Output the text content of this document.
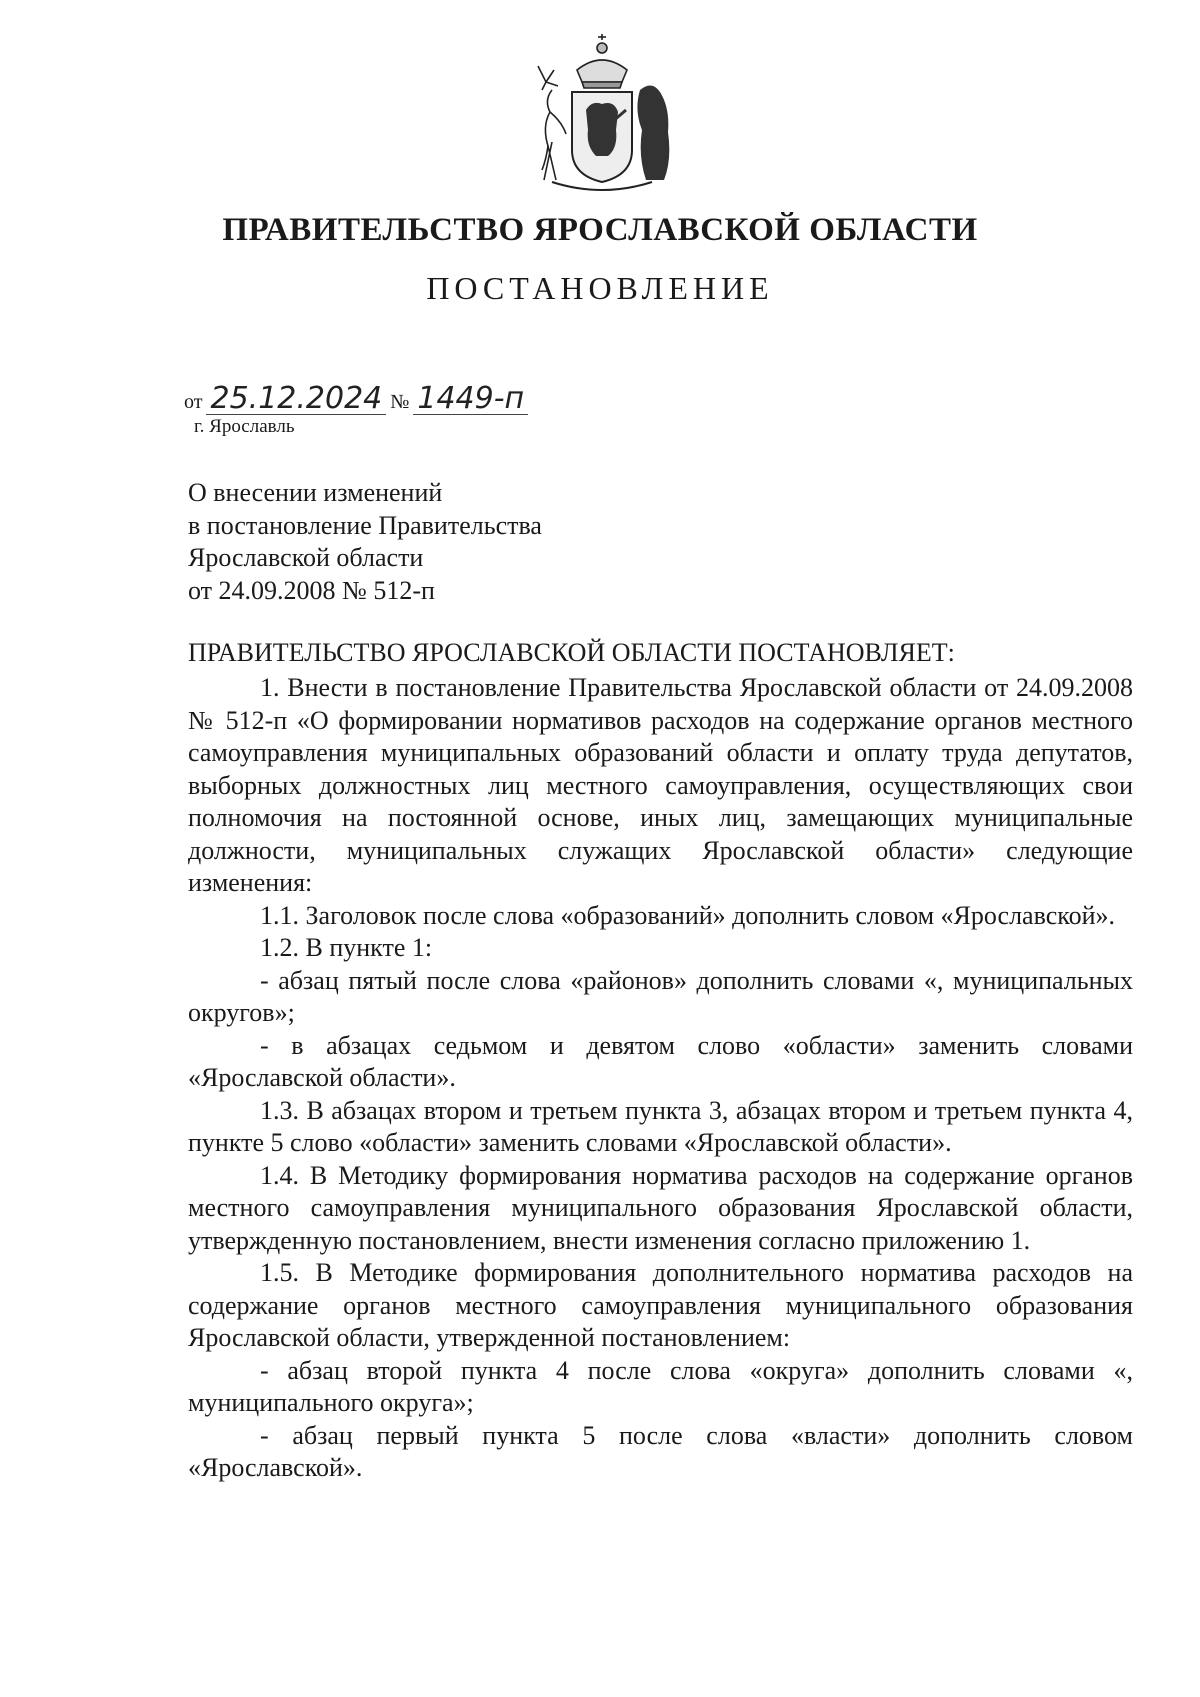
ПРАВИТЕЛЬСТВО ЯРОСЛАВСКОЙ ОБЛАСТИ
ПОСТАНОВЛЕНИЕ
от 25.12.2024 № 1449-п
г. Ярославль
О внесении изменений
в постановление Правительства
Ярославской области
от 24.09.2008 № 512-п
ПРАВИТЕЛЬСТВО ЯРОСЛАВСКОЙ ОБЛАСТИ ПОСТАНОВЛЯЕТ:

1. Внести в постановление Правительства Ярославской области от 24.09.2008 № 512-п «О формировании нормативов расходов на содержание органов местного самоуправления муниципальных образований области и оплату труда депутатов, выборных должностных лиц местного самоуправления, осуществляющих свои полномочия на постоянной основе, иных лиц, замещающих муниципальные должности, муниципальных служащих Ярославской области» следующие изменения:

1.1. Заголовок после слова «образований» дополнить словом «Ярославской».

1.2. В пункте 1:

- абзац пятый после слова «районов» дополнить словами «, муниципальных округов»;

- в абзацах седьмом и девятом слово «области» заменить словами «Ярославской области».

1.3. В абзацах втором и третьем пункта 3, абзацах втором и третьем пункта 4, пункте 5 слово «области» заменить словами «Ярославской области».

1.4. В Методику формирования норматива расходов на содержание органов местного самоуправления муниципального образования Ярославской области, утвержденную постановлением, внести изменения согласно приложению 1.

1.5. В Методике формирования дополнительного норматива расходов на содержание органов местного самоуправления муниципального образования Ярославской области, утвержденной постановлением:

- абзац второй пункта 4 после слова «округа» дополнить словами «, муниципального округа»;

- абзац первый пункта 5 после слова «власти» дополнить словом «Ярославской».
